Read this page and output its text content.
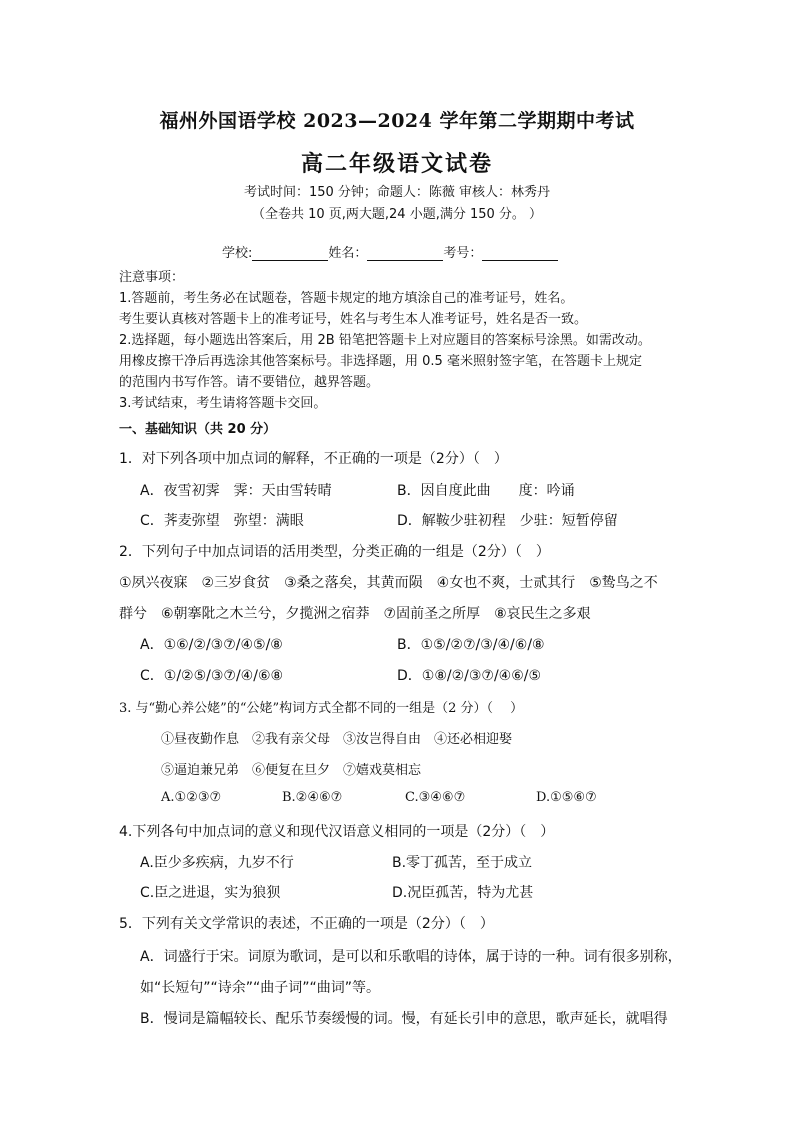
福州外国语学校 2023—2024 学年第二学期期中考试
高二年级语文试卷
考试时间：150 分钟；命题人：陈薇 审核人：林秀丹
（全卷共 10 页,两大题,24 小题,满分 150 分。 ）
学校:	姓名：	考号：
注意事项：
1.答题前，考生务必在试题卷，答题卡规定的地方填涂自己的准考证号，姓名。
考生要认真核对答题卡上的准考证号，姓名与考生本人准考证号，姓名是否一致。
2.选择题，每小题选出答案后，用 2B 铅笔把答题卡上对应题目的答案标号涂黑。如需改动。
用橡皮擦干净后再选涂其他答案标号。非选择题，用 0.5 毫米照射签字笔，在答题卡上规定
的范围内书写作答。请不要错位，越界答题。
3.考试结束，考生请将答题卡交回。
一、基础知识（共 20 分）
1．对下列各项中加点词的解释，不正确的一项是（2分）（　）
A．夜雪初霁　霁：天由雪转晴	B．因自度此曲　　度：吟诵
C．荠麦弥望　弥望：满眼	D．解鞍少驻初程　少驻：短暂停留
2．下列句子中加点词语的活用类型，分类正确的一组是（2分）（　）
①夙兴夜寐　②三岁食贫　③桑之落矣，其黄而陨　④女也不爽，士贰其行　⑤鸷鸟之不
群兮　⑥朝搴阰之木兰兮，夕揽洲之宿莽　⑦固前圣之所厚　⑧哀民生之多艰
A．①⑥/②/③⑦/④⑤/⑧	B．①⑤/②⑦/③/④/⑥/⑧
C．①/②⑤/③⑦/④/⑥⑧	D．①⑧/②/③⑦/④⑥/⑤
3. 与“勤心养公姥”的“公姥”构词方式全都不同的一组是（2 分）（　 ）
①昼夜勤作息　②我有亲父母　③汝岂得自由　④还必相迎娶
⑤逼迫兼兄弟　⑥便复在旦夕　⑦嬉戏莫相忘
A.①②③⑦	B.②④⑥⑦	C.③④⑥⑦	D.①⑤⑥⑦
4.下列各句中加点词的意义和现代汉语意义相同的一项是（2分）（　）
A.臣少多疾病，九岁不行	B.零丁孤苦，至于成立
C.臣之进退，实为狼狈	D.况臣孤苦，特为尤甚
5．下列有关文学常识的表述，不正确的一项是（2分）（　）
A．词盛行于宋。词原为歌词，是可以和乐歌唱的诗体，属于诗的一种。词有很多别称，
如“长短句”“诗余”“曲子词”“曲词”等。
B．慢词是篇幅较长、配乐节奏缓慢的词。慢，有延长引申的意思，歌声延长，就唱得
